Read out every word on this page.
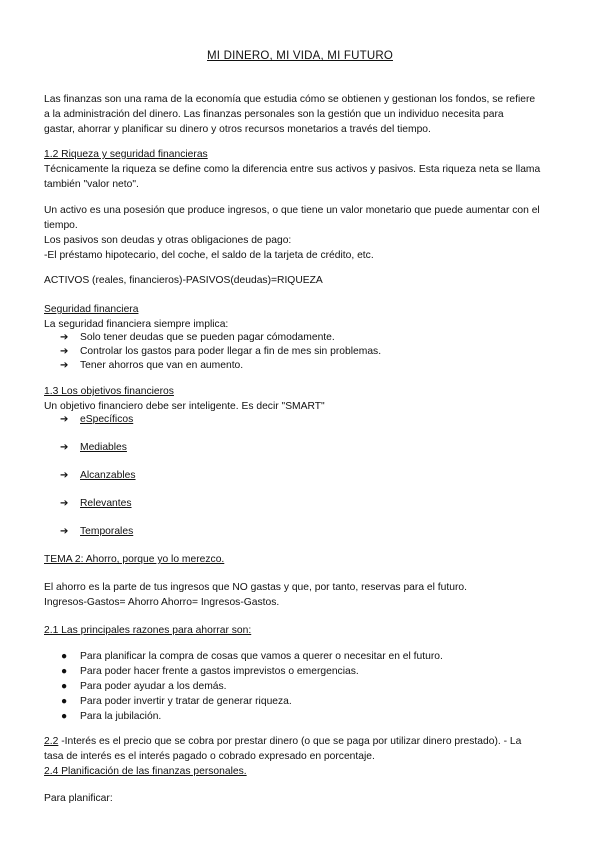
MI DINERO, MI VIDA, MI FUTURO
Las finanzas son una rama de la economía que estudia cómo se obtienen y gestionan los fondos, se refiere
a la administración del dinero. Las finanzas personales son la gestión que un individuo necesita para
gastar, ahorrar y planificar su dinero y otros recursos monetarios a través del tiempo.
1.2 Riqueza y seguridad financieras
Técnicamente la riqueza se define como la diferencia entre sus activos y pasivos. Esta riqueza neta se llama
también "valor neto".
Un activo es una posesión que produce ingresos, o que tiene un valor monetario que puede aumentar con el
tiempo.
Los pasivos son deudas y otras obligaciones de pago:
-El préstamo hipotecario, del coche, el saldo de la tarjeta de crédito, etc.
ACTIVOS (reales, financieros)-PASIVOS(deudas)=RIQUEZA
Seguridad financiera
La seguridad financiera siempre implica:
➔ Solo tener deudas que se pueden pagar cómodamente.
➔ Controlar los gastos para poder llegar a fin de mes sin problemas.
➔ Tener ahorros que van en aumento.
1.3 Los objetivos financieros
Un objetivo financiero debe ser inteligente. Es decir "SMART"
➔ eSpecíficos
➔ Mediables
➔ Alcanzables
➔ Relevantes
➔ Temporales
TEMA 2: Ahorro, porque yo lo merezco.
El ahorro es la parte de tus ingresos que NO gastas y que, por tanto, reservas para el futuro.
Ingresos-Gastos= Ahorro Ahorro= Ingresos-Gastos.
2.1 Las principales razones para ahorrar son:
● Para planificar la compra de cosas que vamos a querer o necesitar en el futuro.
● Para poder hacer frente a gastos imprevistos o emergencias.
● Para poder ayudar a los demás.
● Para poder invertir y tratar de generar riqueza.
● Para la jubilación.
2.2 -Interés es el precio que se cobra por prestar dinero (o que se paga por utilizar dinero prestado). - La
tasa de interés es el interés pagado o cobrado expresado en porcentaje.
2.4 Planificación de las finanzas personales.
Para planificar:
